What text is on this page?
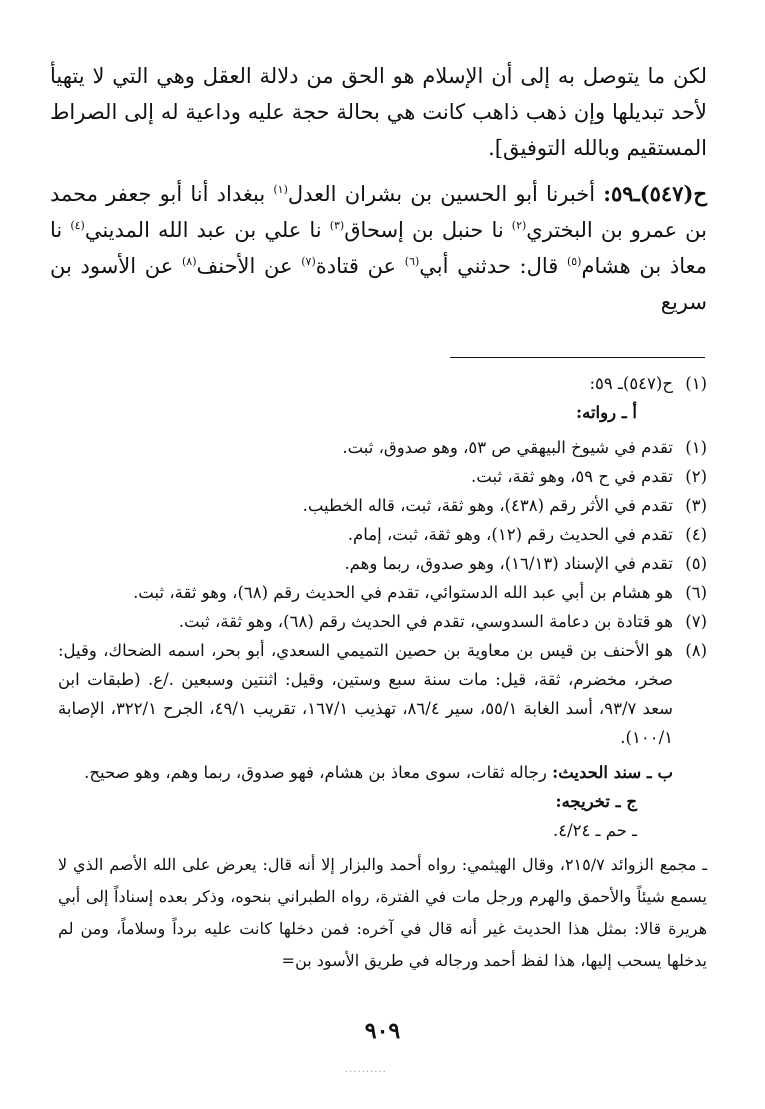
لكن ما يتوصل به إلى أن الإسلام هو الحق من دلالة العقل وهي التي لا يتهيأ لأحد تبديلها وإن ذهب ذاهب كانت هي بحالة حجة عليه وداعية له إلى الصراط المستقيم وبالله التوفيق].

ح(٥٤٧)ـ٥٩: أخبرنا أبو الحسين بن بشران العدل$^{(١)}$ ببغداد أنا أبو جعفر محمد بن عمرو بن البختري$^{(٢)}$ نا حنبل بن إسحاق$^{(٣)}$ نا علي بن عبد الله المديني$^{(٤)}$ نا معاذ بن هشام$^{(٥)}$ قال: حدثني أبي$^{(٦)}$ عن قتادة$^{(٧)}$ عن الأحنف$^{(٨)}$ عن الأسود بن سريع

(١)
ح(٥٤٧)ـ ٥٩:
أ ـ رواته:
(١)
تقدم في شيوخ البيهقي ص ٥٣، وهو صدوق، ثبت.
(٢)
تقدم في ح ٥٩، وهو ثقة، ثبت.
(٣)
تقدم في الأثر رقم (٤٣٨)، وهو ثقة، ثبت، قاله الخطيب.
(٤)
تقدم في الحديث رقم (١٢)، وهو ثقة، ثبت، إمام.
(٥)
تقدم في الإسناد (١٦/١٣)، وهو صدوق، ربما وهم.
(٦)
هو هشام بن أبي عبد الله الدستوائي، تقدم في الحديث رقم (٦٨)، وهو ثقة، ثبت.
(٧)
هو قتادة بن دعامة السدوسي، تقدم في الحديث رقم (٦٨)، وهو ثقة، ثبت.
(٨)
هو الأحنف بن قيس بن معاوية بن حصين التميمي السعدي، أبو بحر، اسمه الضحاك، وقيل: صخر، مخضرم، ثقة، قيل: مات سنة سبع وستين، وقيل: اثنتين وسبعين ./ع. (طبقات ابن سعد ٩٣/٧، أسد الغابة ٥٥/١، سير ٨٦/٤، تهذيب ١٦٧/١، تقريب ٤٩/١، الجرح ٣٢٢/١، الإصابة ١٠٠/١).
ب ـ سند الحديث: رجاله ثقات، سوى معاذ بن هشام، فهو صدوق، ربما وهم، وهو صحيح.
ج ـ تخريجه:
ـ حم ـ ٤/٢٤.
ـ مجمع الزوائد ٢١٥/٧، وقال الهيثمي: رواه أحمد والبزار إلا أنه قال: يعرض على الله الأصم الذي لا يسمع شيئاً والأحمق والهرم ورجل مات في الفترة، رواه الطبراني بنحوه، وذكر بعده إسناداً إلى أبي هريرة قالا: بمثل هذا الحديث غير أنه قال في آخره: فمن دخلها كانت عليه برداً وسلاماً، ومن لم يدخلها يسحب إليها، هذا لفظ أحمد ورجاله في طريق الأسود بن=
٩٠٩
..........
